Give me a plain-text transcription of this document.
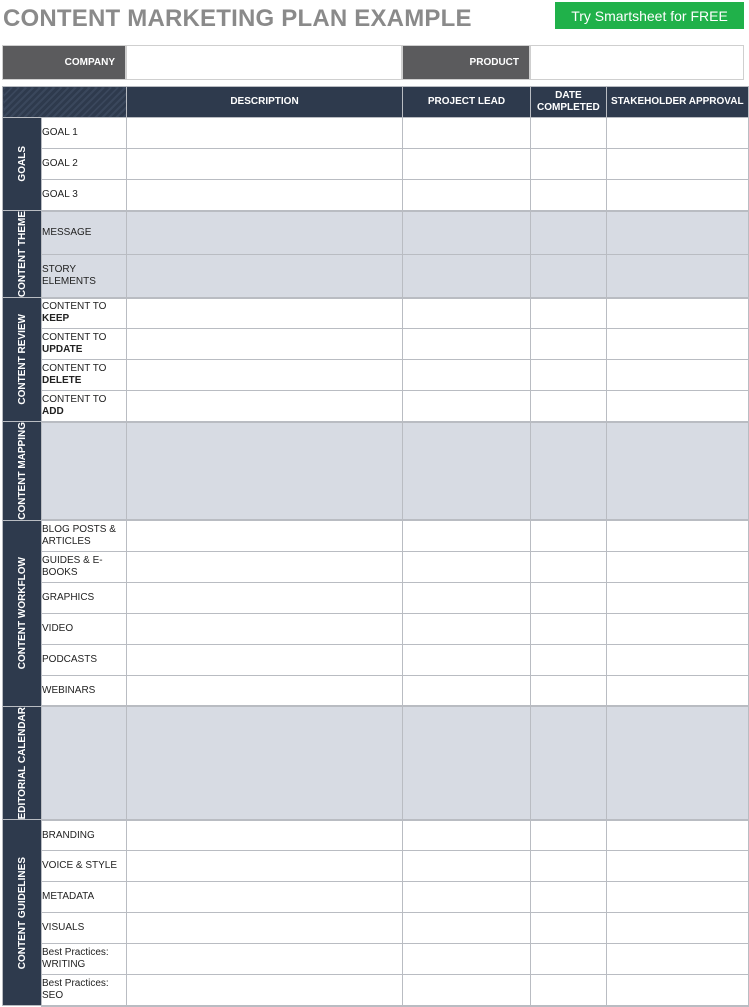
CONTENT MARKETING PLAN EXAMPLE	Try Smartsheet for FREE
COMPANY	PRODUCT
		DESCRIPTION	PROJECT LEAD	DATE COMPLETED	STAKEHOLDER APPROVAL

GOALS	GOAL 1				
	GOAL 2				
	GOAL 3				

CONTENT THEME	MESSAGE				
	STORY ELEMENTS				

CONTENT REVIEW	CONTENT TO
KEEP				
	CONTENT TO
UPDATE				
	CONTENT TO
DELETE				
	CONTENT TO
ADD				

CONTENT MAPPING					

CONTENT WORKFLOW	BLOG POSTS & ARTICLES				
	GUIDES & E-BOOKS				
	GRAPHICS				
	VIDEO				
	PODCASTS				
	WEBINARS				

EDITORIAL CALENDAR					

CONTENT GUIDELINES	BRANDING				
	VOICE & STYLE				
	METADATA				
	VISUALS				
	Best Practices: WRITING				
	Best Practices: SEO				
